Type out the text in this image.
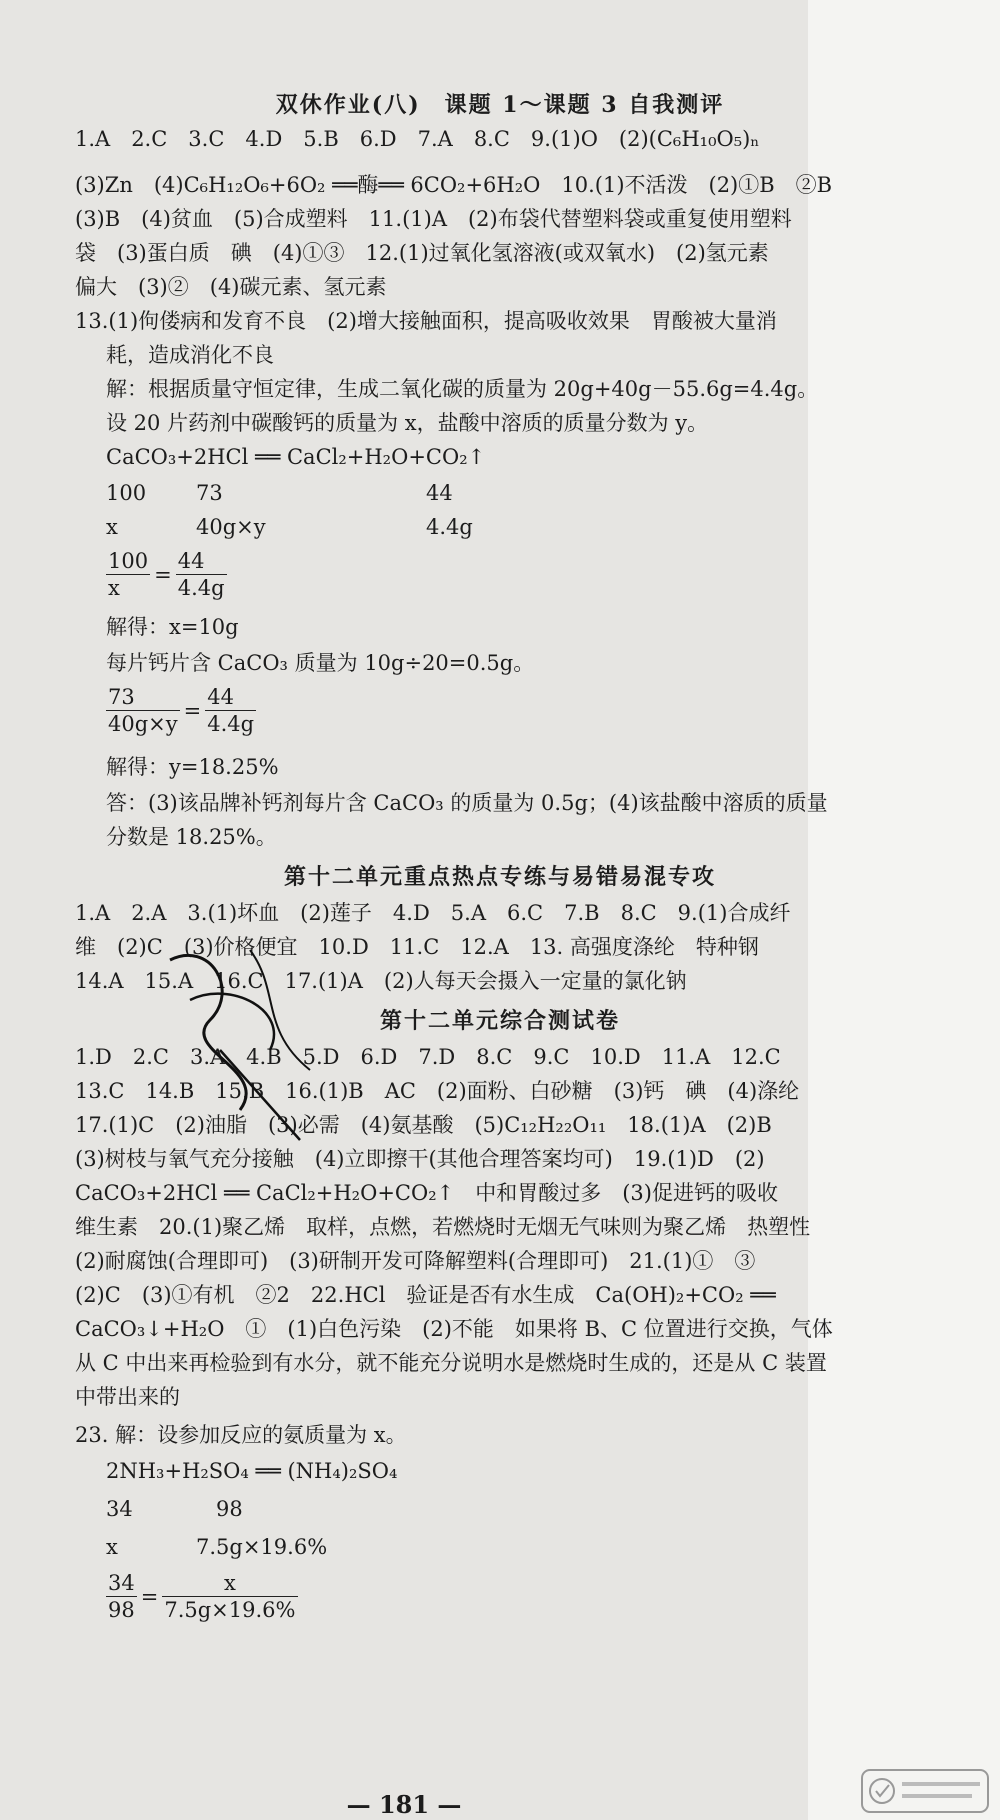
双休作业(八)　课题 1～课题 3 自我测评
1.A　2.C　3.C　4.D　5.B　6.D　7.A　8.C　9.(1)O　(2)(C₆H₁₀O₅)ₙ
(3)Zn　(4)C₆H₁₂O₆+6O₂ ══酶══ 6CO₂+6H₂O　10.(1)不活泼　(2)①B　②B
(3)B　(4)贫血　(5)合成塑料　11.(1)A　(2)布袋代替塑料袋或重复使用塑料
袋　(3)蛋白质　碘　(4)①③　12.(1)过氧化氢溶液(或双氧水)　(2)氢元素
偏大　(3)②　(4)碳元素、氢元素
13.(1)佝偻病和发育不良　(2)增大接触面积，提高吸收效果　胃酸被大量消
耗，造成消化不良
解：根据质量守恒定律，生成二氧化碳的质量为 20g+40g－55.6g=4.4g。
设 20 片药剂中碳酸钙的质量为 x，盐酸中溶质的质量分数为 y。
CaCO₃+2HCl ══ CaCl₂+H₂O+CO₂↑
100 73	44
x	40g×y	4.4g
$\frac{100}{x} = \frac{44}{4.4g}$
解得：x=10g
每片钙片含 CaCO₃ 质量为 10g÷20=0.5g。
$\frac{73}{40g\times y} = \frac{44}{4.4g}$
解得：y=18.25%
答：(3)该品牌补钙剂每片含 CaCO₃ 的质量为 0.5g；(4)该盐酸中溶质的质量
分数是 18.25%。
第十二单元重点热点专练与易错易混专攻
1.A　2.A　3.(1)坏血　(2)莲子　4.D　5.A　6.C　7.B　8.C　9.(1)合成纤
维　(2)C　(3)价格便宜　10.D　11.C　12.A　13. 高强度涤纶　特种钢
14.A　15.A　16.C　17.(1)A　(2)人每天会摄入一定量的氯化钠
第十二单元综合测试卷
1.D　2.C　3.A　4.B　5.D　6.D　7.D　8.C　9.C　10.D　11.A　12.C
13.C　14.B　15.B　16.(1)B　AC　(2)面粉、白砂糖　(3)钙　碘　(4)涤纶
17.(1)C　(2)油脂　(3)必需　(4)氨基酸　(5)C₁₂H₂₂O₁₁　18.(1)A　(2)B
(3)树枝与氧气充分接触　(4)立即擦干(其他合理答案均可)　19.(1)D　(2)
CaCO₃+2HCl ══ CaCl₂+H₂O+CO₂↑　中和胃酸过多　(3)促进钙的吸收
维生素　20.(1)聚乙烯　取样，点燃，若燃烧时无烟无气味则为聚乙烯　热塑性
(2)耐腐蚀(合理即可)　(3)研制开发可降解塑料(合理即可)　21.(1)①　③
(2)C　(3)①有机　②2　22.HCl　验证是否有水生成　Ca(OH)₂+CO₂ ══
CaCO₃↓+H₂O　①　(1)白色污染　(2)不能　如果将 B、C 位置进行交换，气体
从 C 中出来再检验到有水分，就不能充分说明水是燃烧时生成的，还是从 C 装置
中带出来的
23. 解：设参加反应的氨质量为 x。
2NH₃+H₂SO₄ ══ (NH₄)₂SO₄
34	98
x	7.5g×19.6%
$\frac{34}{98} = \frac{x}{7.5g\times 19.6\%}$
— 181 —
